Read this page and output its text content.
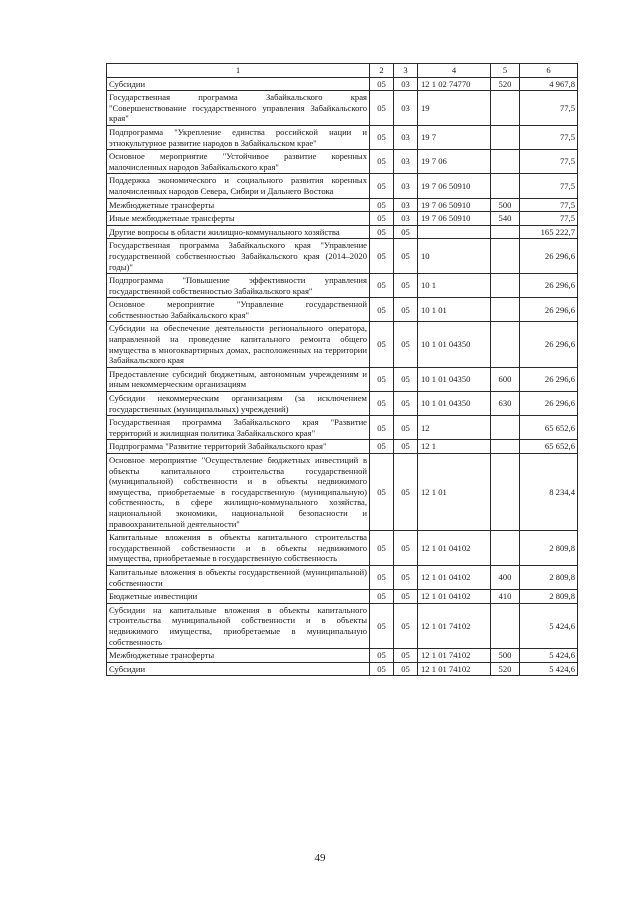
1	2	3	4	5	6
Субсидии	05	03	12 1 02 74770	520	4 967,8
Государственная программа Забайкальского края "Совершенствование государственного управления Забайкальского края"	05	03	19		77,5
Подпрограмма "Укрепление единства российской нации и этнокультурное развитие народов в Забайкальском крае"	05	03	19 7		77,5
Основное мероприятие "Устойчивое развитие коренных малочисленных народов Забайкальского края"	05	03	19 7 06		77,5
Поддержка экономического и социального развития коренных малочисленных народов Севера, Сибири и Дальнего Востока	05	03	19 7 06 50910		77,5
Межбюджетные трансферты	05	03	19 7 06 50910	500	77,5
Иные межбюджетные трансферты	05	03	19 7 06 50910	540	77,5
Другие вопросы в области жилищно-коммунального хозяйства	05	05			165 222,7
Государственная программа Забайкальского края "Управление государственной собственностью Забайкальского края (2014–2020 годы)"	05	05	10		26 296,6
Подпрограмма "Повышение эффективности управления государственной собственностью Забайкальского края"	05	05	10 1		26 296,6
Основное мероприятие "Управление государственной собственностью Забайкальского края"	05	05	10 1 01		26 296,6
Субсидии на обеспечение деятельности регионального оператора, направленной на проведение капитального ремонта общего имущества в многоквартирных домах, расположенных на территории Забайкальского края	05	05	10 1 01 04350		26 296,6
Предоставление субсидий бюджетным, автономным учреждениям и иным некоммерческим организациям	05	05	10 1 01 04350	600	26 296,6
Субсидии некоммерческим организациям (за исключением государственных (муниципальных) учреждений)	05	05	10 1 01 04350	630	26 296,6
Государственная программа Забайкальского края "Развитие территорий и жилищная политика Забайкальского края"	05	05	12		65 652,6
Подпрограмма "Развитие территорий Забайкальского края"	05	05	12 1		65 652,6
Основное мероприятие "Осуществление бюджетных инвестиций в объекты капитального строительства государственной (муниципальной) собственности и в объекты недвижимого имущества, приобретаемые в государственную (муниципальную) собственность, в сфере жилищно-коммунального хозяйства, национальной экономики, национальной безопасности и правоохранительной деятельности"	05	05	12 1 01		8 234,4
Капитальные вложения в объекты капитального строительства государственной собственности и в объекты недвижимого имущества, приобретаемые в государственную собственность	05	05	12 1 01 04102		2 809,8
Капитальные вложения в объекты государственной (муниципальной) собственности	05	05	12 1 01 04102	400	2 809,8
Бюджетные инвестиции	05	05	12 1 01 04102	410	2 809,8
Субсидии на капитальные вложения в объекты капитального строительства муниципальной собственности и в объекты недвижимого имущества, приобретаемые в муниципальную собственность	05	05	12 1 01 74102		5 424,6
Межбюджетные трансферты	05	05	12 1 01 74102	500	5 424,6
Субсидии	05	05	12 1 01 74102	520	5 424,6
49
